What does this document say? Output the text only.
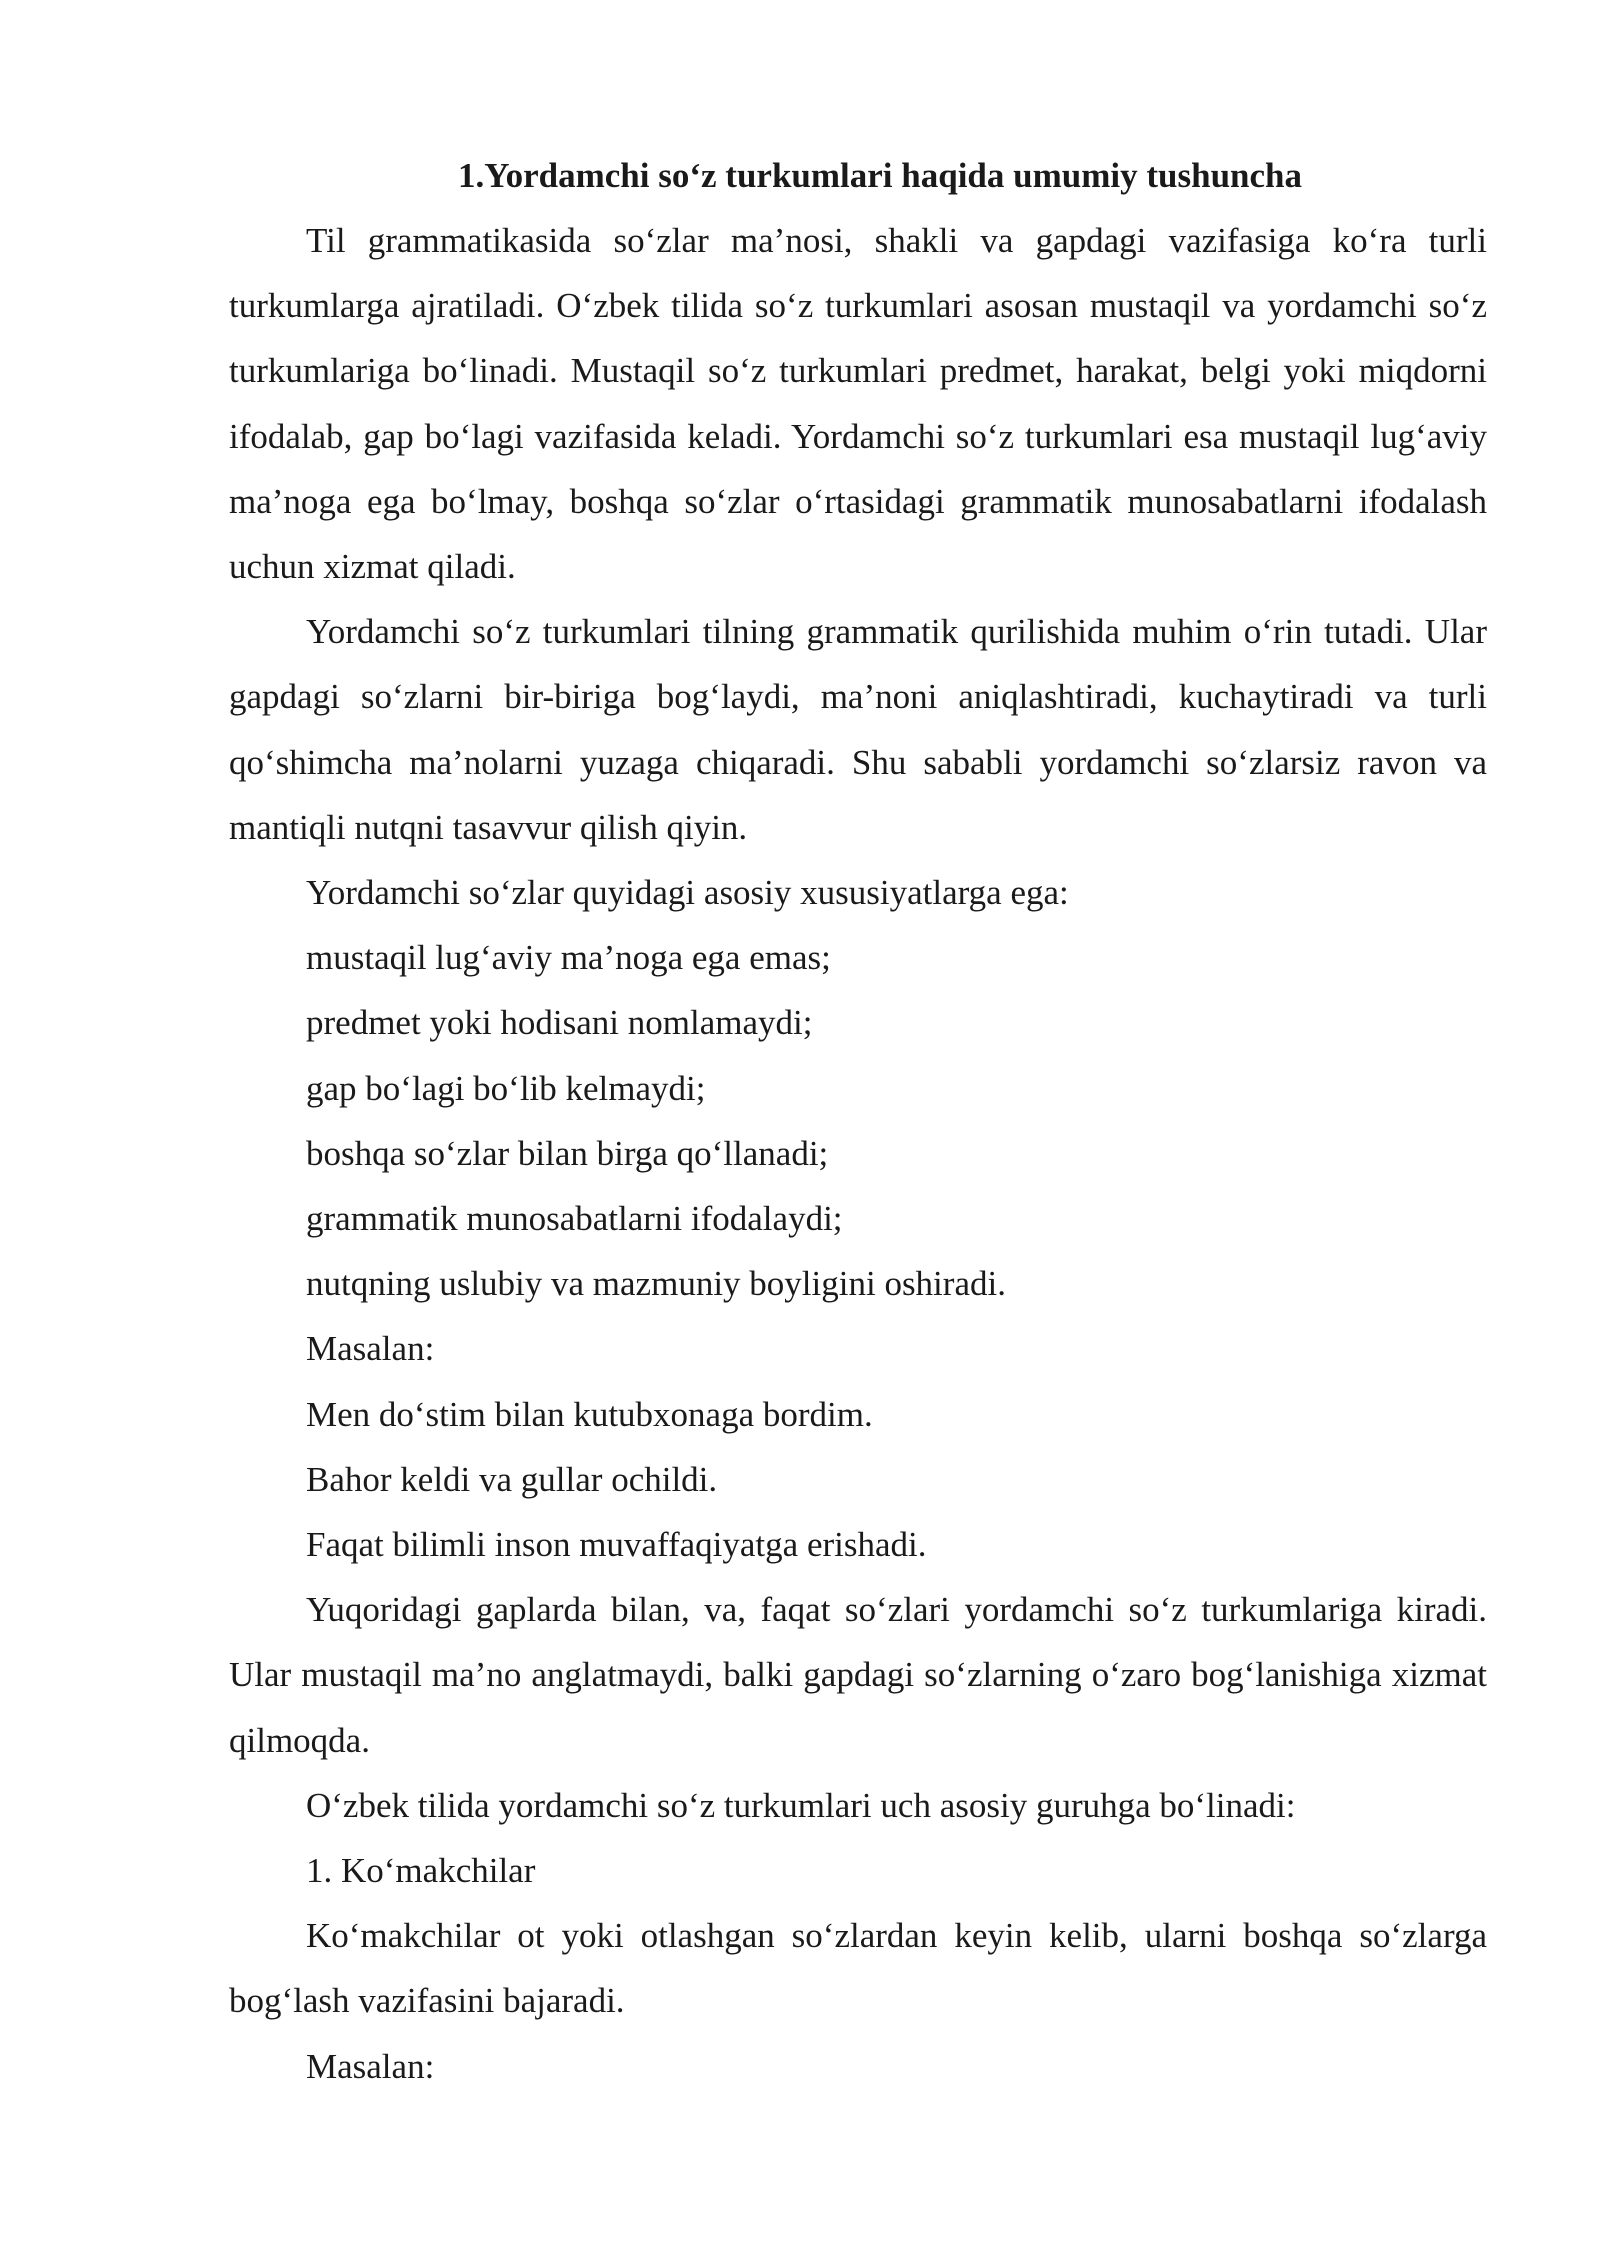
1.Yordamchi so‘z turkumlari haqida umumiy tushuncha

Til grammatikasida so‘zlar ma’nosi, shakli va gapdagi vazifasiga ko‘ra turli turkumlarga ajratiladi. O‘zbek tilida so‘z turkumlari asosan mustaqil va yordamchi so‘z turkumlariga bo‘linadi. Mustaqil so‘z turkumlari predmet, harakat, belgi yoki miqdorni ifodalab, gap bo‘lagi vazifasida keladi. Yordamchi so‘z turkumlari esa mustaqil lug‘aviy ma’noga ega bo‘lmay, boshqa so‘zlar o‘rtasidagi grammatik munosabatlarni ifodalash uchun xizmat qiladi.

Yordamchi so‘z turkumlari tilning grammatik qurilishida muhim o‘rin tutadi. Ular gapdagi so‘zlarni bir-biriga bog‘laydi, ma’noni aniqlashtiradi, kuchaytiradi va turli qo‘shimcha ma’nolarni yuzaga chiqaradi. Shu sababli yordamchi so‘zlarsiz ravon va mantiqli nutqni tasavvur qilish qiyin.

Yordamchi so‘zlar quyidagi asosiy xususiyatlarga ega:

mustaqil lug‘aviy ma’noga ega emas;

predmet yoki hodisani nomlamaydi;

gap bo‘lagi bo‘lib kelmaydi;

boshqa so‘zlar bilan birga qo‘llanadi;

grammatik munosabatlarni ifodalaydi;

nutqning uslubiy va mazmuniy boyligini oshiradi.

Masalan:

Men do‘stim bilan kutubxonaga bordim.

Bahor keldi va gullar ochildi.

Faqat bilimli inson muvaffaqiyatga erishadi.

Yuqoridagi gaplarda bilan, va, faqat so‘zlari yordamchi so‘z turkumlariga kiradi. Ular mustaqil ma’no anglatmaydi, balki gapdagi so‘zlarning o‘zaro bog‘lanishiga xizmat qilmoqda.

O‘zbek tilida yordamchi so‘z turkumlari uch asosiy guruhga bo‘linadi:

1. Ko‘makchilar

Ko‘makchilar ot yoki otlashgan so‘zlardan keyin kelib, ularni boshqa so‘zlarga bog‘lash vazifasini bajaradi.

Masalan:
